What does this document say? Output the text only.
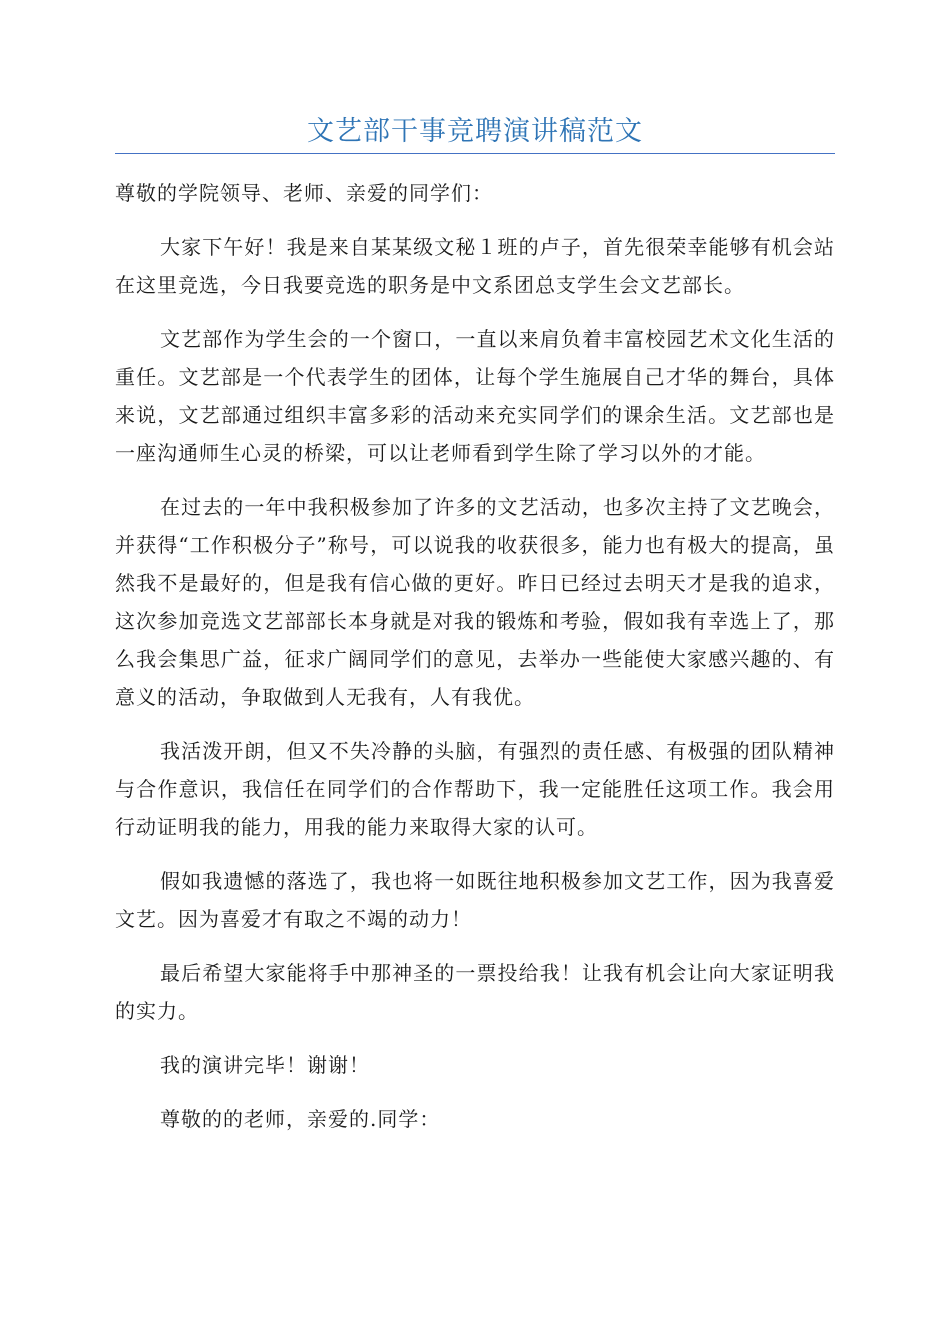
文艺部干事竞聘演讲稿范文

尊敬的学院领导、老师、亲爱的同学们：

大家下午好！我是来自某某级文秘１班的卢子，首先很荣幸能够有机会站在这里竞选，今日我要竞选的职务是中文系团总支学生会文艺部长。

文艺部作为学生会的一个窗口，一直以来肩负着丰富校园艺术文化生活的重任。文艺部是一个代表学生的团体，让每个学生施展自己才华的舞台，具体来说，文艺部通过组织丰富多彩的活动来充实同学们的课余生活。文艺部也是一座沟通师生心灵的桥梁，可以让老师看到学生除了学习以外的才能。

在过去的一年中我积极参加了许多的文艺活动，也多次主持了文艺晚会，并获得“工作积极分子”称号，可以说我的收获很多，能力也有极大的提高，虽然我不是最好的，但是我有信心做的更好。昨日已经过去明天才是我的追求，这次参加竞选文艺部部长本身就是对我的锻炼和考验，假如我有幸选上了，那么我会集思广益，征求广阔同学们的意见，去举办一些能使大家感兴趣的、有意义的活动，争取做到人无我有，人有我优。

我活泼开朗，但又不失冷静的头脑，有强烈的责任感、有极强的团队精神与合作意识，我信任在同学们的合作帮助下，我一定能胜任这项工作。我会用行动证明我的能力，用我的能力来取得大家的认可。

假如我遗憾的落选了，我也将一如既往地积极参加文艺工作，因为我喜爱文艺。因为喜爱才有取之不竭的动力！

最后希望大家能将手中那神圣的一票投给我！让我有机会让向大家证明我的实力。

我的演讲完毕！谢谢！

尊敬的的老师，亲爱的.同学：
